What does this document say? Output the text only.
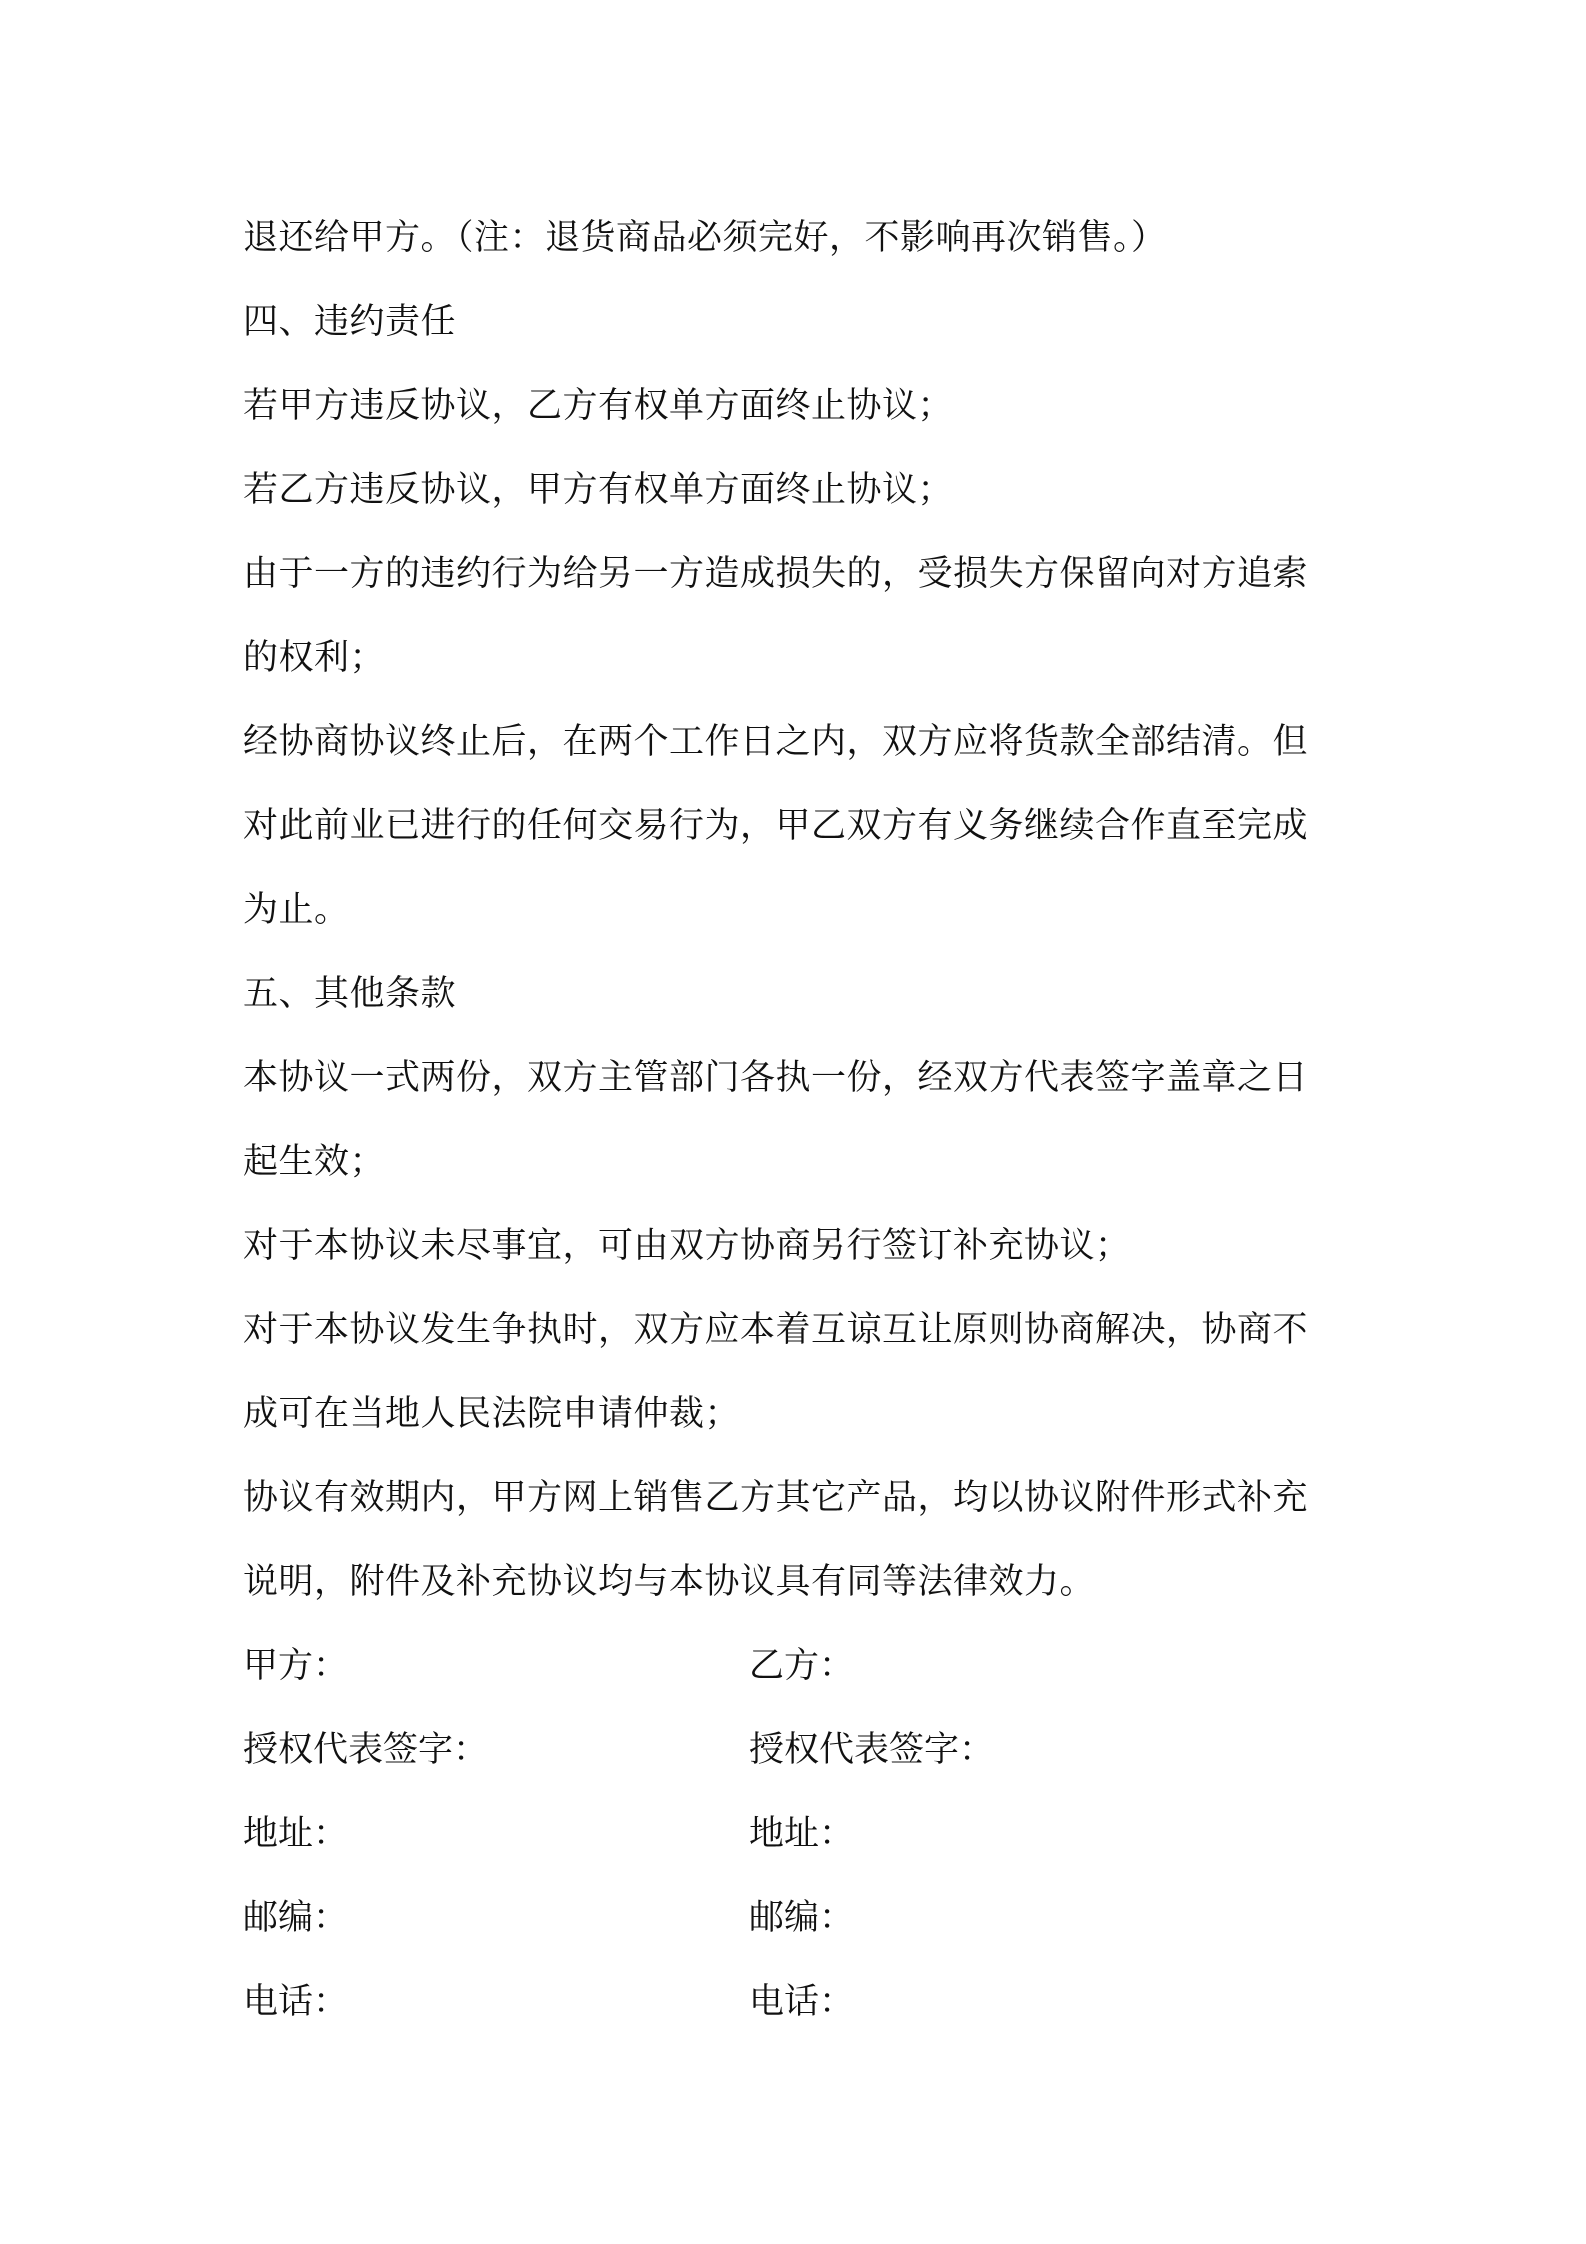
退还给甲方。（注：退货商品必须完好，不影响再次销售。）
四、违约责任
若甲方违反协议，乙方有权单方面终止协议；
若乙方违反协议，甲方有权单方面终止协议；
由于一方的违约行为给另一方造成损失的，受损失方保留向对方追索
的权利；
经协商协议终止后，在两个工作日之内，双方应将货款全部结清。但
对此前业已进行的任何交易行为，甲乙双方有义务继续合作直至完成
为止。
五、其他条款
本协议一式两份，双方主管部门各执一份，经双方代表签字盖章之日
起生效；
对于本协议未尽事宜，可由双方协商另行签订补充协议；
对于本协议发生争执时，双方应本着互谅互让原则协商解决，协商不
成可在当地人民法院申请仲裁；
协议有效期内，甲方网上销售乙方其它产品，均以协议附件形式补充
说明，附件及补充协议均与本协议具有同等法律效力。
甲方：	乙方：
授权代表签字：	授权代表签字：
地址：	地址：
邮编：	邮编：
电话：	电话：
